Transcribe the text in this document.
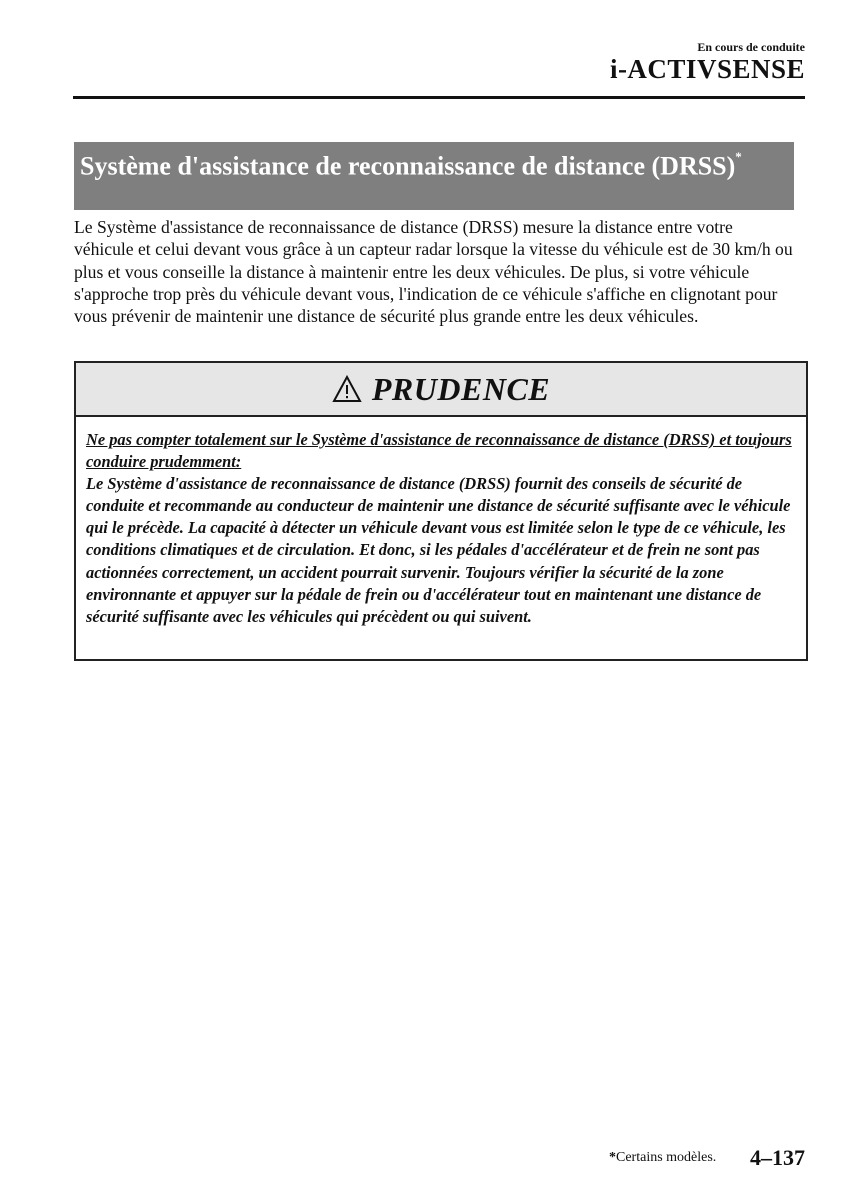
En cours de conduite
i-ACTIVSENSE
Système d'assistance de reconnaissance de distance (DRSS)*
Le Système d'assistance de reconnaissance de distance (DRSS) mesure la distance entre votre véhicule et celui devant vous grâce à un capteur radar lorsque la vitesse du véhicule est de 30 km/h ou plus et vous conseille la distance à maintenir entre les deux véhicules. De plus, si votre véhicule s'approche trop près du véhicule devant vous, l'indication de ce véhicule s'affiche en clignotant pour vous prévenir de maintenir une distance de sécurité plus grande entre les deux véhicules.
PRUDENCE
Ne pas compter totalement sur le Système d'assistance de reconnaissance de distance (DRSS) et toujours conduire prudemment:
Le Système d'assistance de reconnaissance de distance (DRSS) fournit des conseils de sécurité de conduite et recommande au conducteur de maintenir une distance de sécurité suffisante avec le véhicule qui le précède. La capacité à détecter un véhicule devant vous est limitée selon le type de ce véhicule, les conditions climatiques et de circulation. Et donc, si les pédales d'accélérateur et de frein ne sont pas actionnées correctement, un accident pourrait survenir. Toujours vérifier la sécurité de la zone environnante et appuyer sur la pédale de frein ou d'accélérateur tout en maintenant une distance de sécurité suffisante avec les véhicules qui précèdent ou qui suivent.
*Certains modèles. 4–137
